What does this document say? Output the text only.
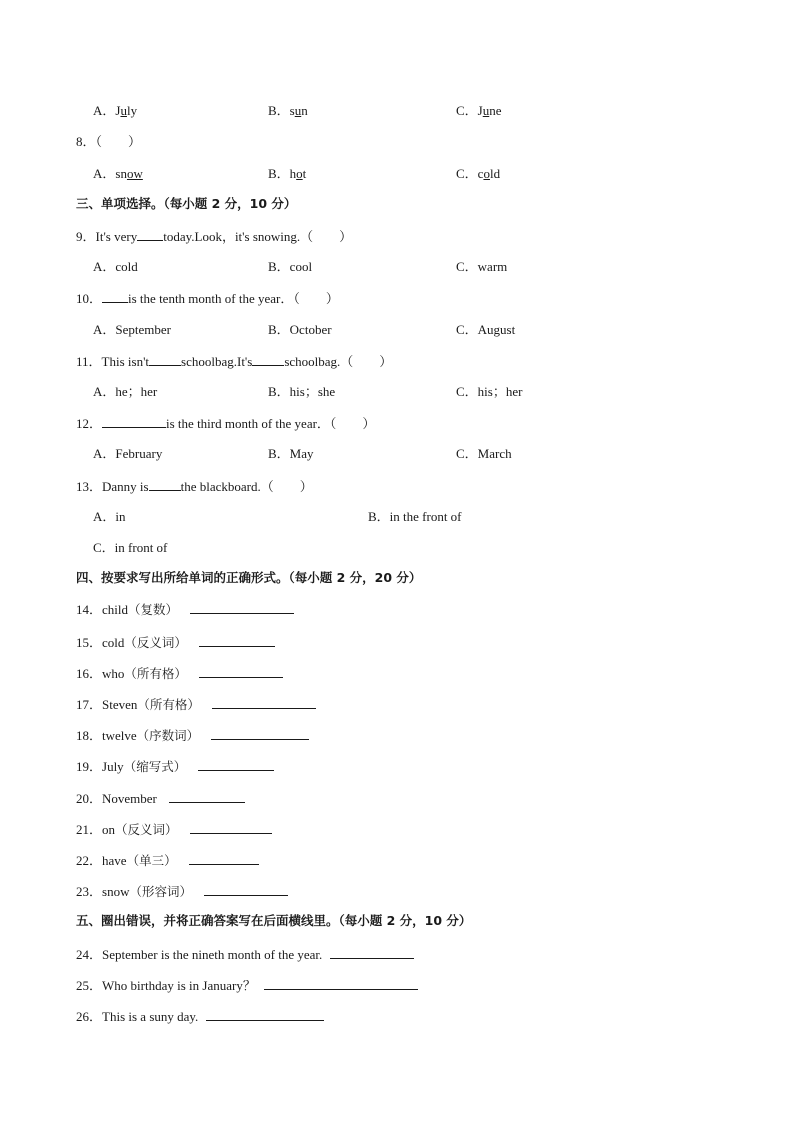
A．July	B．sun	C．June
8．（　　）
A．snow	B．hot	C．cold
三、单项选择。（每小题 2 分，10 分）
9．It's very today.Look，it's snowing.（　　）
A．cold	B．cool	C．warm
10． is the tenth month of the year．（　　）
A．September	B．October	C．August
11．This isn't schoolbag.It's schoolbag.（　　）
A．he；her	B．his；she	C．his；her
12．	is the third month of the year．（　　）
A．February	B．May	C．March
13．Danny is the blackboard.（　　）
A．in	B．in the front of
C．in front of
四、按要求写出所给单词的正确形式。（每小题 2 分，20 分）
14．child（复数）
15．cold（反义词）
16．who（所有格）
17．Steven（所有格）
18．twelve（序数词）
19．July（缩写式）
20．November
21．on（反义词）
22．have（单三）
23．snow（形容词）
五、圈出错误，并将正确答案写在后面横线里。（每小题 2 分，10 分）
24．September is the nineth month of the year.
25．Who birthday is in January？
26．This is a suny day.
